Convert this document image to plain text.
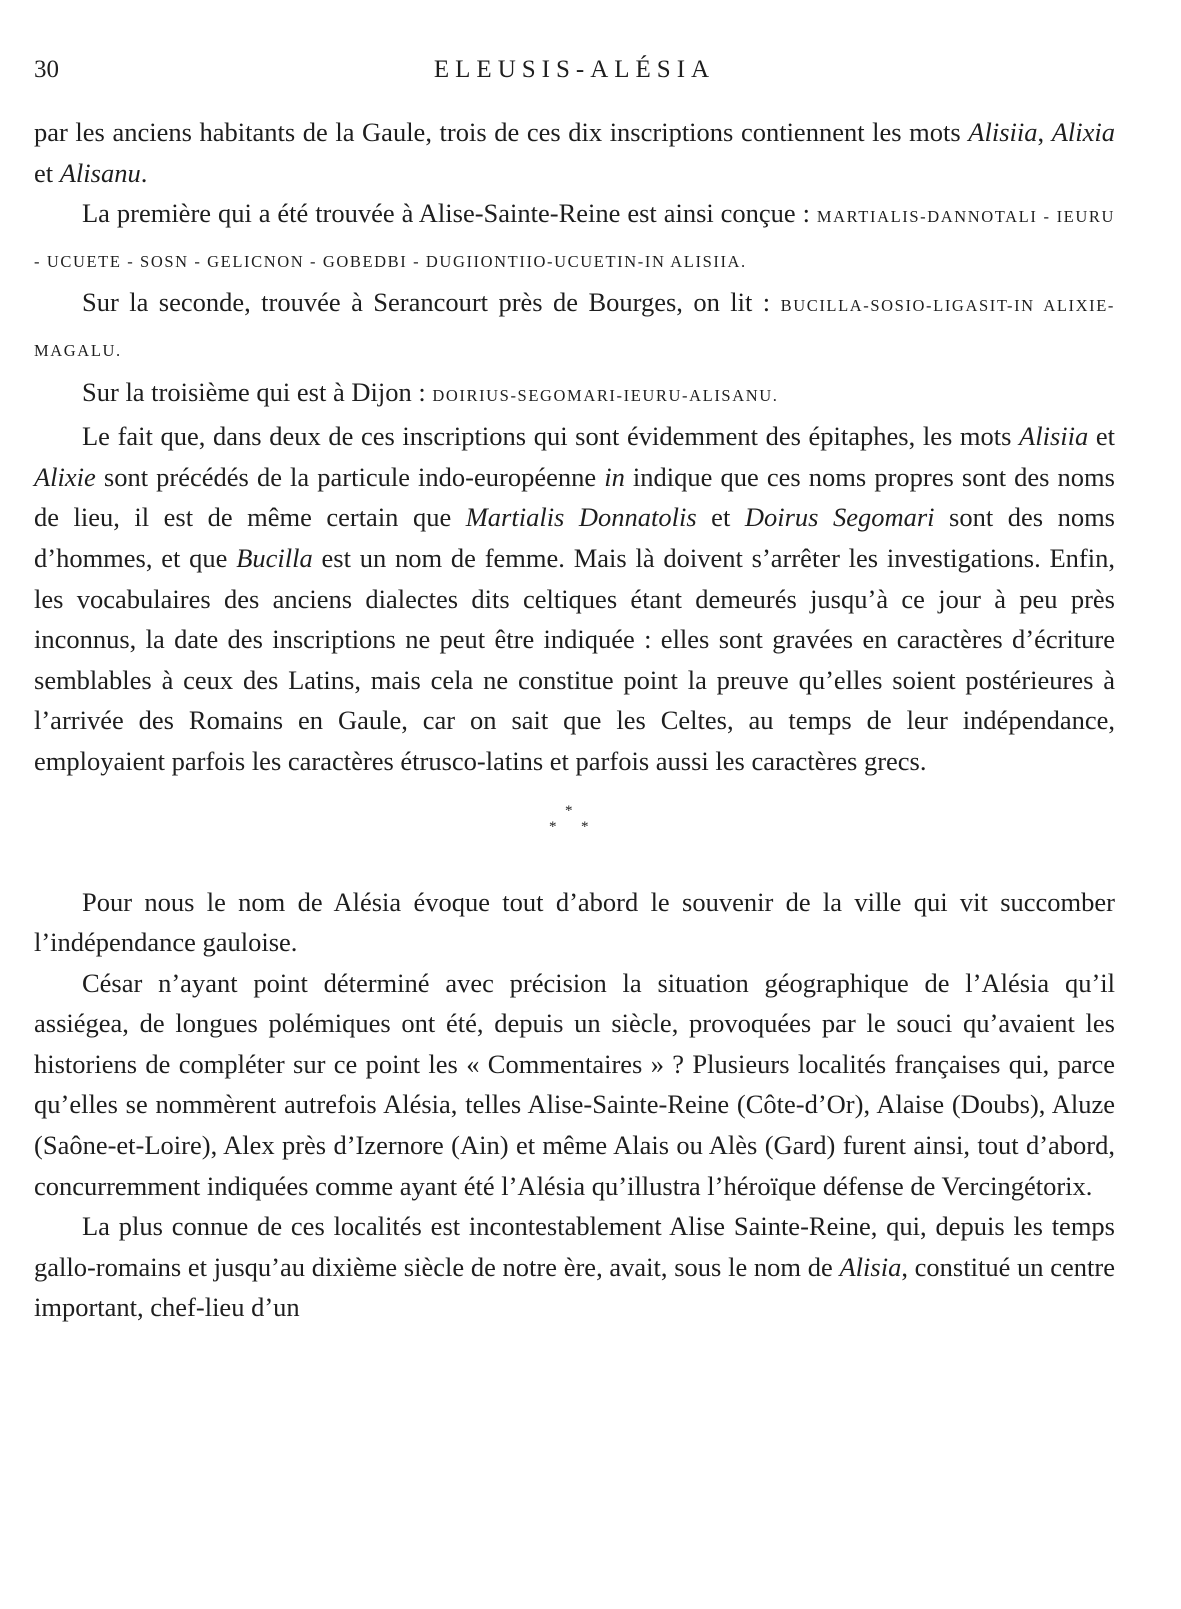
30	ELEUSIS-ALÉSIA

par les anciens habitants de la Gaule, trois de ces dix inscriptions contiennent les mots Alisiia, Alixia et Alisanu.

La première qui a été trouvée à Alise-Sainte-Reine est ainsi conçue : MARTIALIS-DANNOTALI - IEURU - UCUETE - SOSN - GELICNON - GOBEDBI - DUGIIONTIIO-UCUETIN-IN ALISIIA.

Sur la seconde, trouvée à Serancourt près de Bourges, on lit : BUCILLA-SOSIO-LIGASIT-IN ALIXIE-MAGALU.

Sur la troisième qui est à Dijon : DOIRIUS-SEGOMARI-IEURU-ALISANU.

Le fait que, dans deux de ces inscriptions qui sont évidemment des épitaphes, les mots Alisiia et Alixie sont précédés de la particule indo-européenne in indique que ces noms propres sont des noms de lieu, il est de même certain que Martialis Donnatolis et Doirus Segomari sont des noms d’hommes, et que Bucilla est un nom de femme. Mais là doivent s’arrêter les investigations. Enfin, les vocabulaires des anciens dialectes dits celtiques étant demeurés jusqu’à ce jour à peu près inconnus, la date des inscriptions ne peut être indiquée : elles sont gravées en caractères d’écriture semblables à ceux des Latins, mais cela ne constitue point la preuve qu’elles soient postérieures à l’arrivée des Romains en Gaule, car on sait que les Celtes, au temps de leur indépendance, employaient parfois les caractères étrusco-latins et parfois aussi les caractères grecs.

*
* *

Pour nous le nom de Alésia évoque tout d’abord le souvenir de la ville qui vit succomber l’indépendance gauloise.

César n’ayant point déterminé avec précision la situation géographique de l’Alésia qu’il assiégea, de longues polémiques ont été, depuis un siècle, provoquées par le souci qu’avaient les historiens de compléter sur ce point les « Commentaires » ? Plusieurs localités françaises qui, parce qu’elles se nommèrent autrefois Alésia, telles Alise-Sainte-Reine (Côte-d’Or), Alaise (Doubs), Aluze (Saône-et-Loire), Alex près d’Izernore (Ain) et même Alais ou Alès (Gard) furent ainsi, tout d’abord, concurremment indiquées comme ayant été l’Alésia qu’illustra l’héroïque défense de Vercingétorix.

La plus connue de ces localités est incontestablement Alise Sainte-Reine, qui, depuis les temps gallo-romains et jusqu’au dixième siècle de notre ère, avait, sous le nom de Alisia, constitué un centre important, chef-lieu d’un
